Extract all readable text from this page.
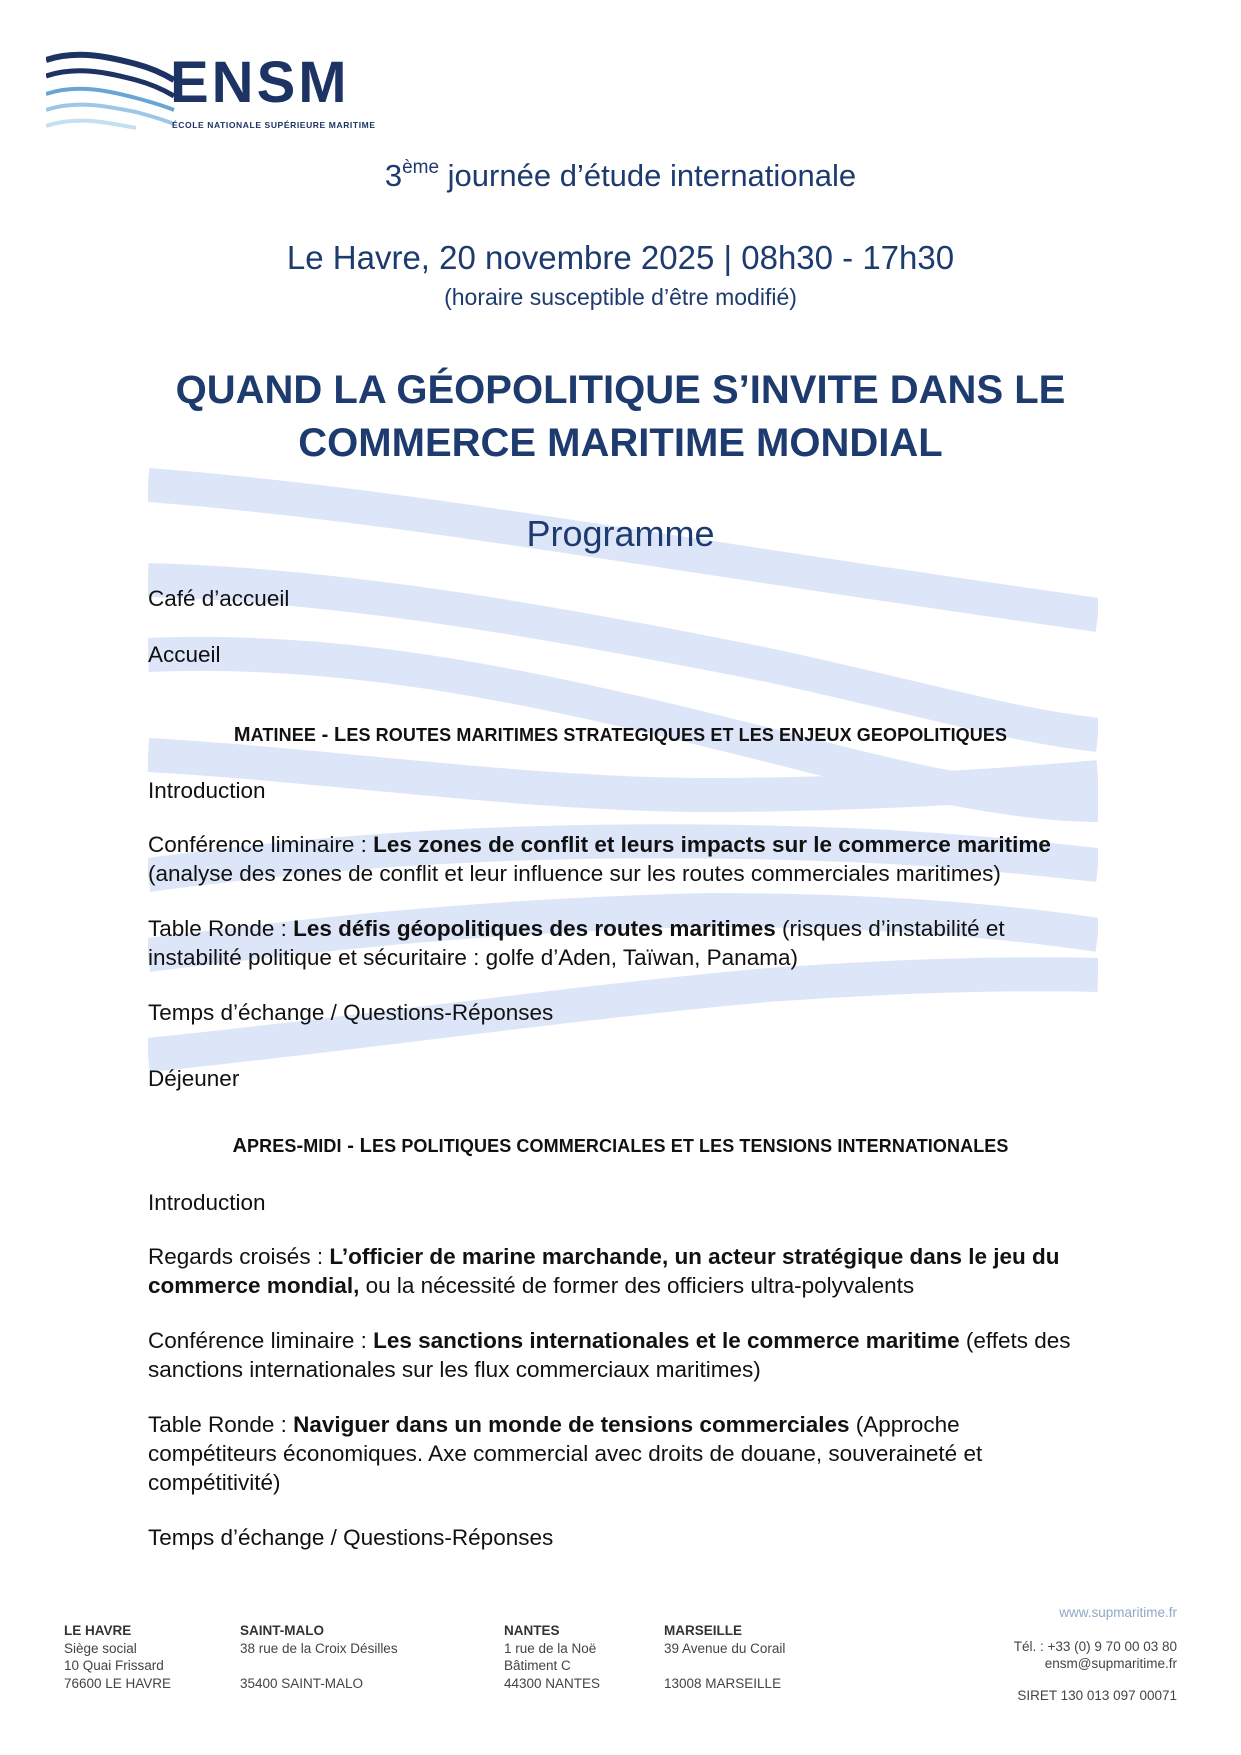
ENSM
ÉCOLE NATIONALE SUPÉRIEURE MARITIME
3ème journée d’étude internationale
Le Havre, 20 novembre 2025 | 08h30 - 17h30
(horaire susceptible d’être modifié)
QUAND LA GÉOPOLITIQUE S’INVITE DANS LE
COMMERCE MARITIME MONDIAL
Programme
Café d’accueil
Accueil
MATINEE - LES ROUTES MARITIMES STRATEGIQUES ET LES ENJEUX GEOPOLITIQUES
Introduction
Conférence liminaire : Les zones de conflit et leurs impacts sur le commerce maritime
(analyse des zones de conflit et leur influence sur les routes commerciales maritimes)
Table Ronde : Les défis géopolitiques des routes maritimes (risques d’instabilité et
instabilité politique et sécuritaire : golfe d’Aden, Taïwan, Panama)
Temps d’échange / Questions-Réponses
Déjeuner
APRES-MIDI - LES POLITIQUES COMMERCIALES ET LES TENSIONS INTERNATIONALES
Introduction
Regards croisés : L’officier de marine marchande, un acteur stratégique dans le jeu du
commerce mondial, ou la nécessité de former des officiers ultra-polyvalents
Conférence liminaire : Les sanctions internationales et le commerce maritime (effets des
sanctions internationales sur les flux commerciaux maritimes)
Table Ronde : Naviguer dans un monde de tensions commerciales (Approche
compétiteurs économiques. Axe commercial avec droits de douane, souveraineté et
compétitivité)
Temps d’échange / Questions-Réponses
LE HAVRE
Siège social
10 Quai Frissard
76600 LE HAVRE
SAINT-MALO
38 rue de la Croix Désilles

35400 SAINT-MALO
NANTES
1 rue de la Noë
Bâtiment C
44300 NANTES
MARSEILLE
39 Avenue du Corail

13008 MARSEILLE
www.supmaritime.fr
Tél. : +33 (0) 9 70 00 03 80
ensm@supmaritime.fr
SIRET 130 013 097 00071
